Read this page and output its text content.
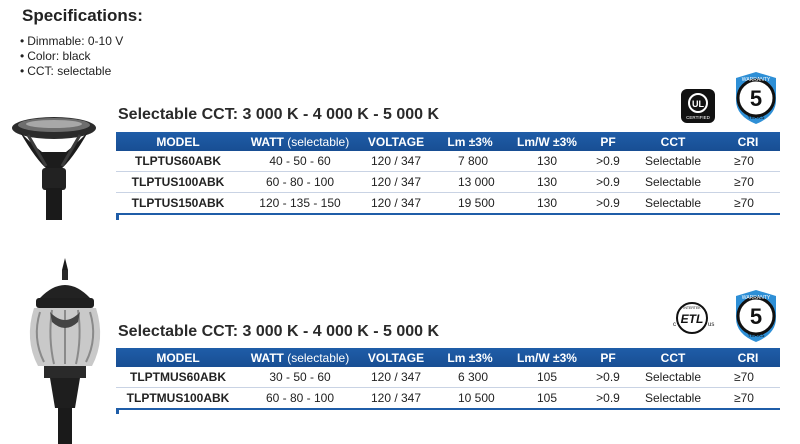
Specifications:
• Dimmable: 0-10 V
• Color: black
• CCT: selectable
Selectable CCT: 3 000 K - 4 000 K - 5 000 K
UL
CERTIFIED
5
WARRANTY
YEARS
MODEL	WATT (selectable)	VOLTAGE	Lm ±3%	Lm/W ±3%	PF	CCT	CRI
TLPTUS60ABK	40 - 50 - 60	120 / 347	7 800	130	>0.9	Selectable	≥70
TLPTUS100ABK	60 - 80 - 100	120 / 347	13 000	130	>0.9	Selectable	≥70
TLPTUS150ABK	120 - 135 - 150	120 / 347	19 500	130	>0.9	Selectable	≥70
Selectable CCT: 3 000 K - 4 000 K - 5 000 K
ETL
INTERTEK
c	us 5
WARRANTY
YEARS
MODEL	WATT (selectable)	VOLTAGE	Lm ±3%	Lm/W ±3%	PF	CCT	CRI
TLPTMUS60ABK	30 - 50 - 60	120 / 347	6 300	105	>0.9	Selectable	≥70
TLPTMUS100ABK	60 - 80 - 100	120 / 347	10 500	105	>0.9	Selectable	≥70
